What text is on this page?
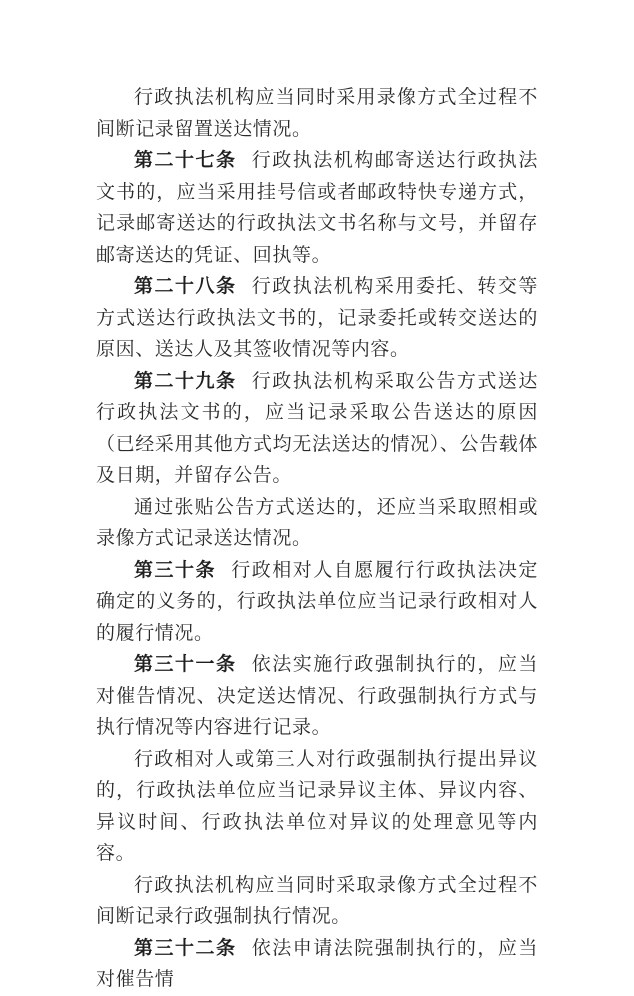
行政执法机构应当同时采用录像方式全过程不间断记录留置送达情况。

第二十七条 行政执法机构邮寄送达行政执法文书的，应当采用挂号信或者邮政特快专递方式，记录邮寄送达的行政执法文书名称与文号，并留存邮寄送达的凭证、回执等。

第二十八条 行政执法机构采用委托、转交等方式送达行政执法文书的，记录委托或转交送达的原因、送达人及其签收情况等内容。

第二十九条 行政执法机构采取公告方式送达行政执法文书的，应当记录采取公告送达的原因（已经采用其他方式均无法送达的情况）、公告载体及日期，并留存公告。

通过张贴公告方式送达的，还应当采取照相或录像方式记录送达情况。

第三十条 行政相对人自愿履行行政执法决定确定的义务的，行政执法单位应当记录行政相对人的履行情况。

第三十一条 依法实施行政强制执行的，应当对催告情况、决定送达情况、行政强制执行方式与执行情况等内容进行记录。

行政相对人或第三人对行政强制执行提出异议的，行政执法单位应当记录异议主体、异议内容、异议时间、行政执法单位对异议的处理意见等内容。

行政执法机构应当同时采取录像方式全过程不间断记录行政强制执行情况。

第三十二条 依法申请法院强制执行的，应当对催告情
